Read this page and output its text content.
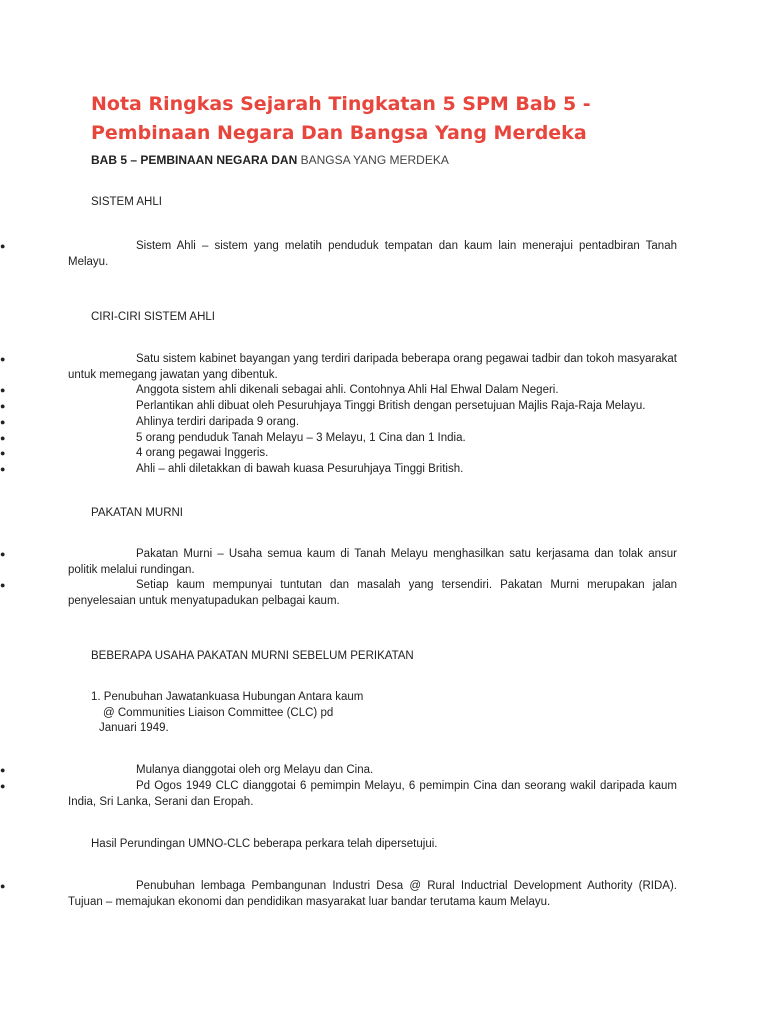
Nota Ringkas Sejarah Tingkatan 5 SPM Bab 5 - Pembinaan Negara Dan Bangsa Yang Merdeka
BAB 5 – PEMBINAAN NEGARA DAN BANGSA YANG MERDEKA
SISTEM AHLI
●	Sistem Ahli – sistem yang melatih penduduk tempatan dan kaum lain menerajui pentadbiran Tanah Melayu.
CIRI-CIRI SISTEM AHLI
●	Satu sistem kabinet bayangan yang terdiri daripada beberapa orang pegawai tadbir dan tokoh masyarakat untuk memegang jawatan yang dibentuk.
●	Anggota sistem ahli dikenali sebagai ahli. Contohnya Ahli Hal Ehwal Dalam Negeri.
●	Perlantikan ahli dibuat oleh Pesuruhjaya Tinggi British dengan persetujuan Majlis Raja-Raja Melayu.
●	Ahlinya terdiri daripada 9 orang.
●	5 orang penduduk Tanah Melayu – 3 Melayu, 1 Cina dan 1 India.
●	4 orang pegawai Inggeris.
●	Ahli – ahli diletakkan di bawah kuasa Pesuruhjaya Tinggi British.
PAKATAN MURNI
●	Pakatan Murni – Usaha semua kaum di Tanah Melayu menghasilkan satu kerjasama dan tolak ansur politik melalui rundingan.
●	Setiap kaum mempunyai tuntutan dan masalah yang tersendiri. Pakatan Murni merupakan jalan penyelesaian untuk menyatupadukan pelbagai kaum.
BEBERAPA USAHA PAKATAN MURNI SEBELUM PERIKATAN
1. Penubuhan Jawatankuasa Hubungan Antara kaum
@ Communities Liaison Committee (CLC) pd
Januari 1949.
●	Mulanya dianggotai oleh org Melayu dan Cina.
●	Pd Ogos 1949 CLC dianggotai 6 pemimpin Melayu, 6 pemimpin Cina dan seorang wakil daripada kaum India, Sri Lanka, Serani dan Eropah.
Hasil Perundingan UMNO-CLC beberapa perkara telah dipersetujui.
●	Penubuhan lembaga Pembangunan Industri Desa @ Rural Inductrial Development Authority (RIDA). Tujuan – memajukan ekonomi dan pendidikan masyarakat luar bandar terutama kaum Melayu.
